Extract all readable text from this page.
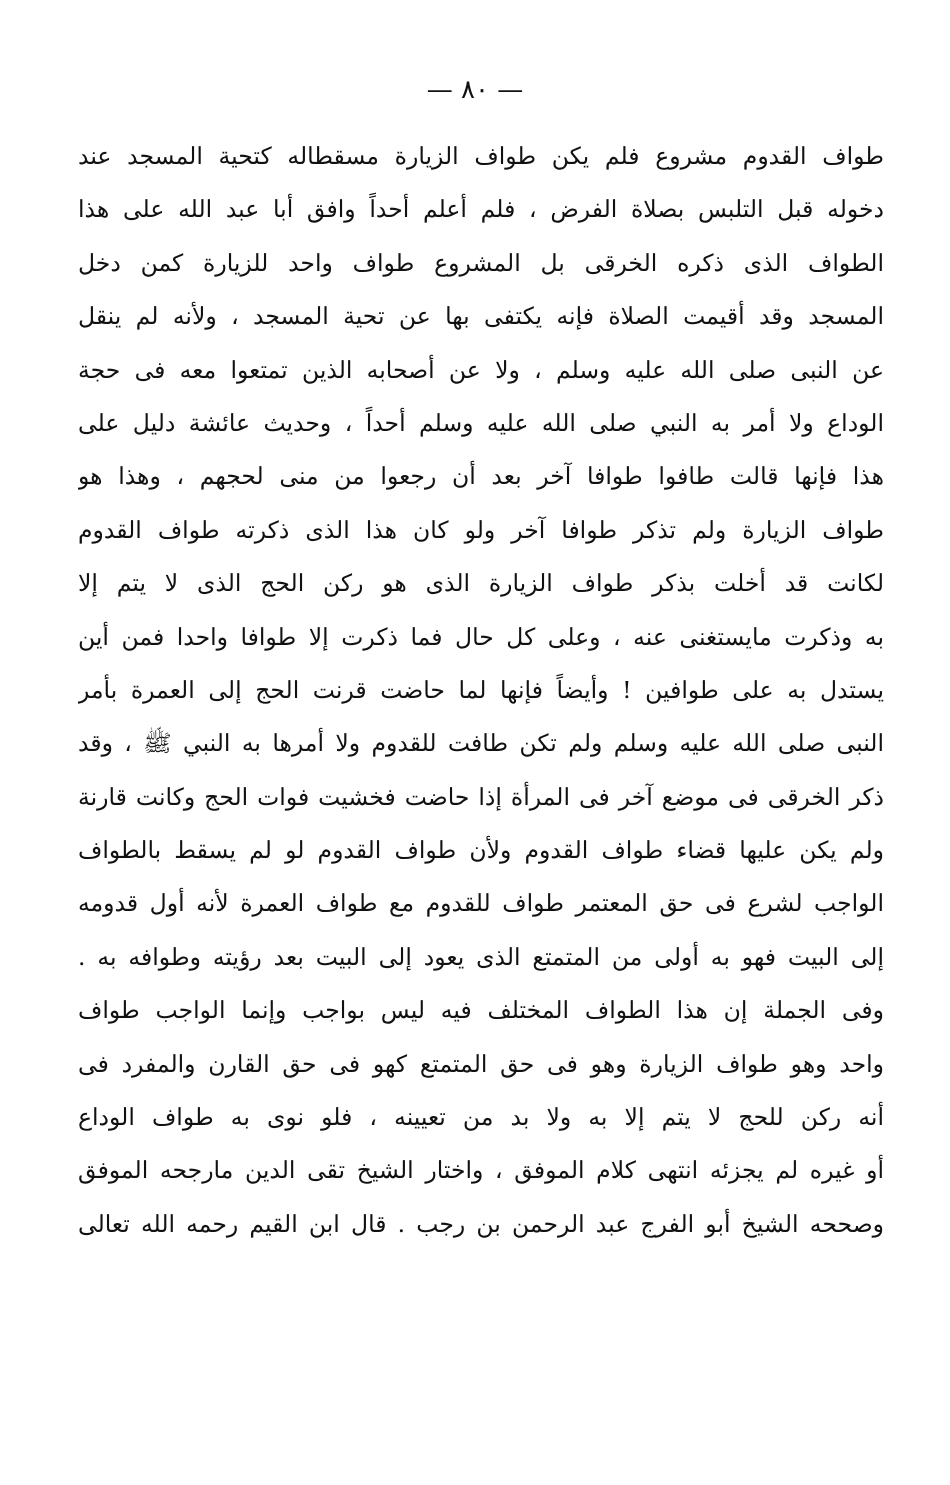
— ٨٠ —
طواف القدوم مشروع فلم يكن طواف الزيارة مسقطاله كتحية المسجد عند
دخوله قبل التلبس بصلاة الفرض ، فلم أعلم أحداً وافق أبا عبد الله على هذا
الطواف الذى ذكره الخرقى بل المشروع طواف واحد للزيارة كمن دخل
المسجد وقد أقيمت الصلاة فإنه يكتفى بها عن تحية المسجد ، ولأنه لم ينقل
عن النبى صلى الله عليه وسلم ، ولا عن أصحابه الذين تمتعوا معه فى حجة
الوداع ولا أمر به النبي صلى الله عليه وسلم أحداً ، وحديث عائشة دليل على
هذا فإنها قالت طافوا طوافا آخر بعد أن رجعوا من منى لحجهم ، وهذا هو
طواف الزيارة ولم تذكر طوافا آخر ولو كان هذا الذى ذكرته طواف القدوم
لكانت قد أخلت بذكر طواف الزيارة الذى هو ركن الحج الذى لا يتم إلا
به وذكرت مايستغنى عنه ، وعلى كل حال فما ذكرت إلا طوافا واحدا فمن أين
يستدل به على طوافين ! وأيضاً فإنها لما حاضت قرنت الحج إلى العمرة بأمر
النبى صلى الله عليه وسلم ولم تكن طافت للقدوم ولا أمرها به النبي ﷺ ، وقد
ذكر الخرقى فى موضع آخر فى المرأة إذا حاضت فخشيت فوات الحج وكانت قارنة
ولم يكن عليها قضاء طواف القدوم ولأن طواف القدوم لو لم يسقط بالطواف
الواجب لشرع فى حق المعتمر طواف للقدوم مع طواف العمرة لأنه أول قدومه
إلى البيت فهو به أولى من المتمتع الذى يعود إلى البيت بعد رؤيته وطوافه به .
وفى الجملة إن هذا الطواف المختلف فيه ليس بواجب وإنما الواجب طواف
واحد وهو طواف الزيارة وهو فى حق المتمتع كهو فى حق القارن والمفرد فى
أنه ركن للحج لا يتم إلا به ولا بد من تعيينه ، فلو نوى به طواف الوداع
أو غيره لم يجزئه انتهى كلام الموفق ، واختار الشيخ تقى الدين مارجحه الموفق
وصححه الشيخ أبو الفرج عبد الرحمن بن رجب . قال ابن القيم رحمه الله تعالى
